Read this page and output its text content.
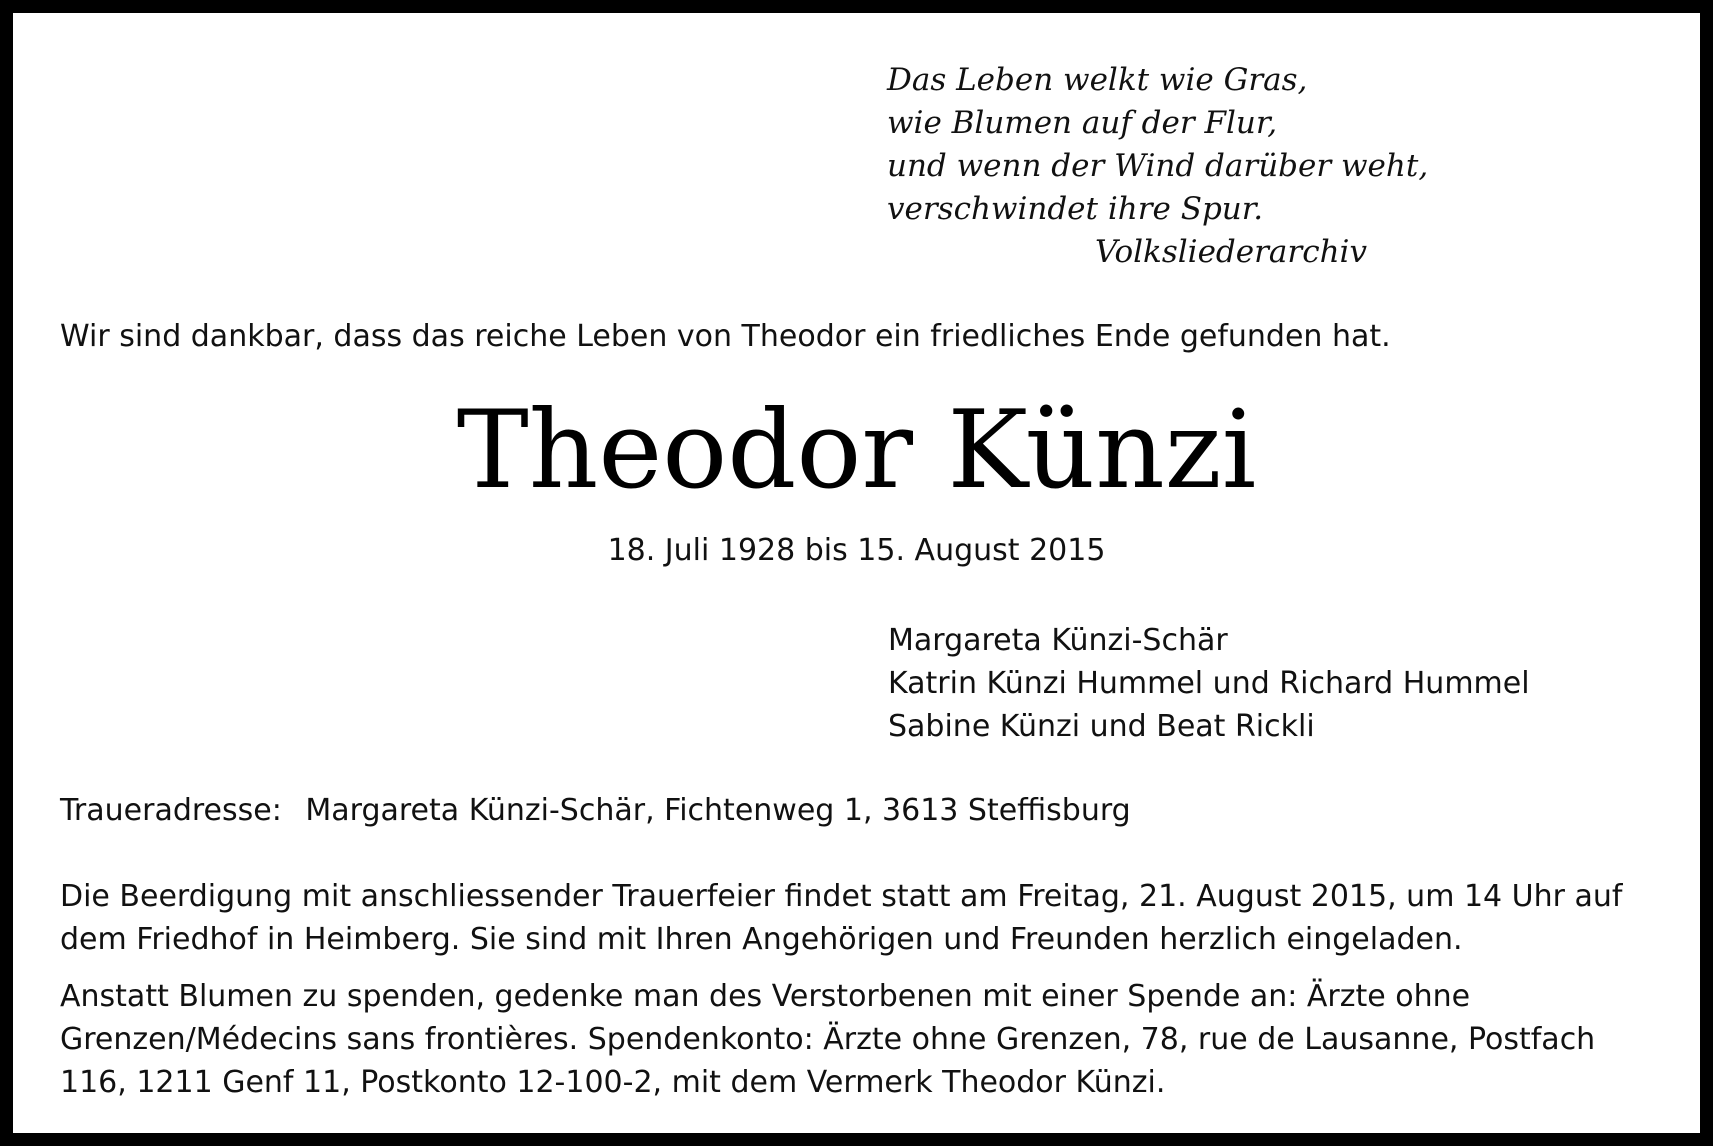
Das Leben welkt wie Gras,
wie Blumen auf der Flur,
und wenn der Wind darüber weht,
verschwindet ihre Spur.
Volksliederarchiv
Wir sind dankbar, dass das reiche Leben von Theodor ein friedliches Ende gefunden hat.
Theodor Künzi
18. Juli 1928 bis 15. August 2015
Margareta Künzi-Schär
Katrin Künzi Hummel und Richard Hummel
Sabine Künzi und Beat Rickli
Traueradresse: Margareta Künzi-Schär, Fichtenweg 1, 3613 Steffisburg
Die Beerdigung mit anschliessender Trauerfeier findet statt am Freitag, 21. August 2015, um 14 Uhr auf dem Friedhof in Heimberg. Sie sind mit Ihren Angehörigen und Freunden herzlich eingeladen.
Anstatt Blumen zu spenden, gedenke man des Verstorbenen mit einer Spende an: Ärzte ohne Grenzen/Médecins sans frontières. Spendenkonto: Ärzte ohne Grenzen, 78, rue de Lausanne, Postfach 116, 1211 Genf 11, Postkonto 12-100-2, mit dem Vermerk Theodor Künzi.
